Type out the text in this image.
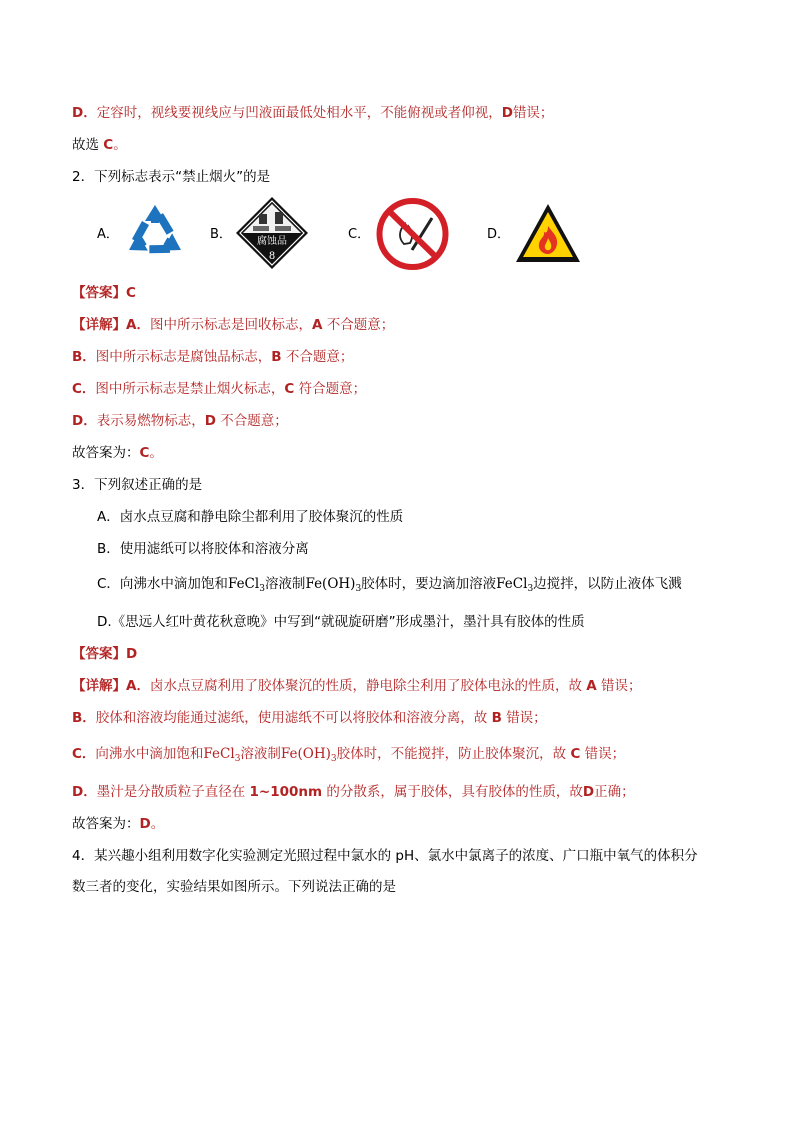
D．定容时，视线要视线应与凹液面最低处相水平，不能俯视或者仰视，D错误；
故选 C。
2．下列标志表示“禁止烟火”的是
A．	B．	腐蚀品
8
C．	D．
【答案】C
【详解】A．图中所示标志是回收标志，A 不合题意；
B．图中所示标志是腐蚀品标志，B 不合题意；
C．图中所示标志是禁止烟火标志，C 符合题意；
D．表示易燃物标志，D 不合题意；
故答案为：C。
3．下列叙述正确的是
A．卤水点豆腐和静电除尘都利用了胶体聚沉的性质
B．使用滤纸可以将胶体和溶液分离
C．向沸水中滴加饱和FeCl$_3$溶液制$Fe(OH)_3$胶体时，要边滴加溶液FeCl$_3$边搅拌，以防止液体飞溅
D.《思远人红叶黄花秋意晚》中写到“就砚旋研磨”形成墨汁，墨汁具有胶体的性质
【答案】D
【详解】A．卤水点豆腐利用了胶体聚沉的性质，静电除尘利用了胶体电泳的性质，故 A 错误；
B．胶体和溶液均能通过滤纸，使用滤纸不可以将胶体和溶液分离，故 B 错误；
C．向沸水中滴加饱和FeCl$_3$溶液制$Fe(OH)_3$胶体时，不能搅拌，防止胶体聚沉，故 C 错误；
D．墨汁是分散质粒子直径在 1~100nm 的分散系，属于胶体，具有胶体的性质，故D正确；
故答案为：D。
4．某兴趣小组利用数字化实验测定光照过程中氯水的 pH、氯水中氯离子的浓度、广口瓶中氧气的体积分
数三者的变化，实验结果如图所示。下列说法正确的是
